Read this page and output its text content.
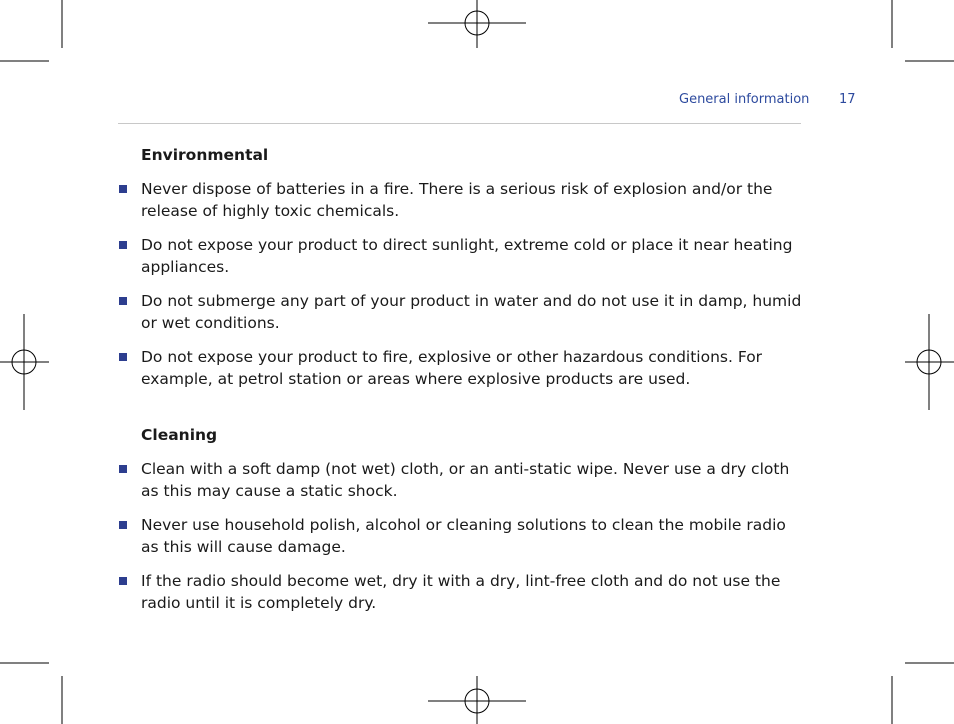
General information 17
Environmental
Never dispose of batteries in a fire. There is a serious risk of explosion and/or the release of highly toxic chemicals.
Do not expose your product to direct sunlight, extreme cold or place it near heating appliances.
Do not submerge any part of your product in water and do not use it in damp, humid or wet conditions.
Do not expose your product to fire, explosive or other hazardous conditions. For example, at petrol station or areas where explosive products are used.
Cleaning
Clean with a soft damp (not wet) cloth, or an anti-static wipe. Never use a dry cloth as this may cause a static shock.
Never use household polish, alcohol or cleaning solutions to clean the mobile radio as this will cause damage.
If the radio should become wet, dry it with a dry, lint-free cloth and do not use the radio until it is completely dry.
